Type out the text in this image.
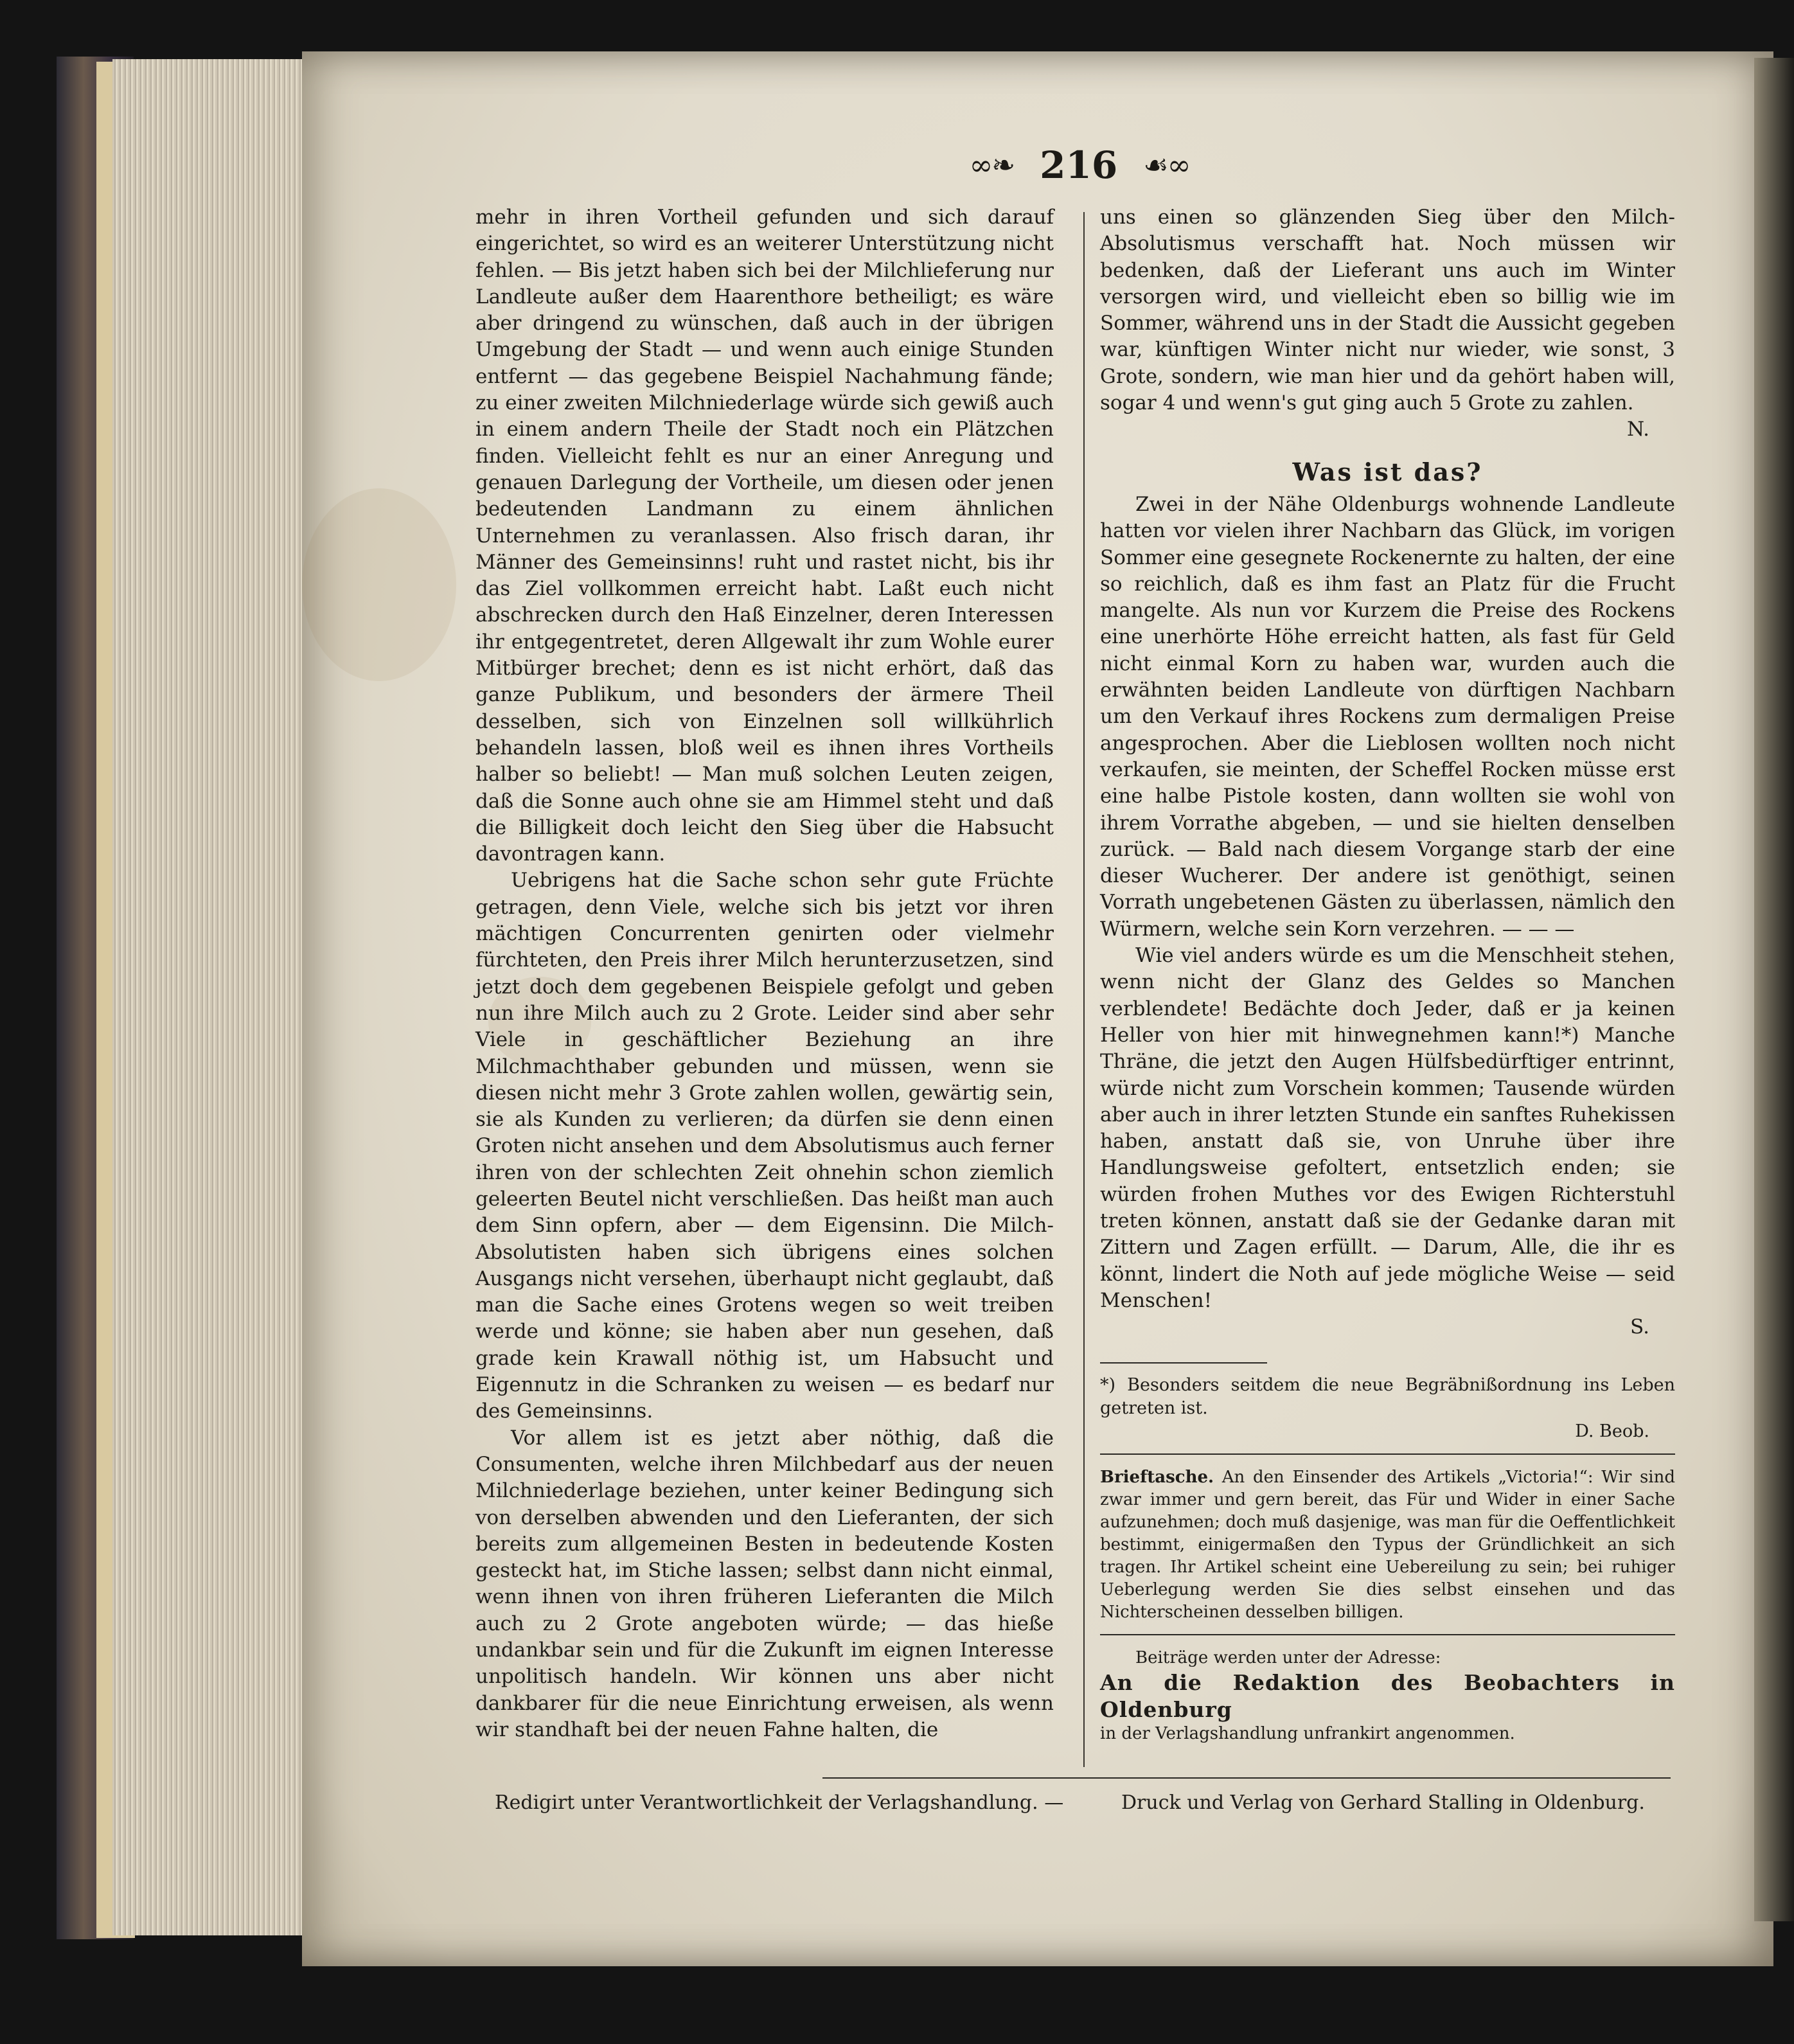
∞❧ 216 ☙∞

mehr in ihren Vortheil gefunden und sich darauf eingerichtet, so wird es an weiterer Unterstützung nicht fehlen. — Bis jetzt haben sich bei der Milchlieferung nur Landleute außer dem Haarenthore betheiligt; es wäre aber dringend zu wünschen, daß auch in der übrigen Umgebung der Stadt — und wenn auch einige Stunden entfernt — das gegebene Beispiel Nachahmung fände; zu einer zweiten Milchniederlage würde sich gewiß auch in einem andern Theile der Stadt noch ein Plätzchen finden. Vielleicht fehlt es nur an einer Anregung und genauen Darlegung der Vortheile, um diesen oder jenen bedeutenden Landmann zu einem ähnlichen Unternehmen zu veranlassen. Also frisch daran, ihr Männer des Gemeinsinns! ruht und rastet nicht, bis ihr das Ziel vollkommen erreicht habt. Laßt euch nicht abschrecken durch den Haß Einzelner, deren Interessen ihr entgegentretet, deren Allgewalt ihr zum Wohle eurer Mitbürger brechet; denn es ist nicht erhört, daß das ganze Publikum, und besonders der ärmere Theil desselben, sich von Einzelnen soll willkührlich behandeln lassen, bloß weil es ihnen ihres Vortheils halber so beliebt! — Man muß solchen Leuten zeigen, daß die Sonne auch ohne sie am Himmel steht und daß die Billigkeit doch leicht den Sieg über die Habsucht davontragen kann.

Uebrigens hat die Sache schon sehr gute Früchte getragen, denn Viele, welche sich bis jetzt vor ihren mächtigen Concurrenten genirten oder vielmehr fürchteten, den Preis ihrer Milch herunterzusetzen, sind jetzt doch dem gegebenen Beispiele gefolgt und geben nun ihre Milch auch zu 2 Grote. Leider sind aber sehr Viele in geschäftlicher Beziehung an ihre Milchmachthaber gebunden und müssen, wenn sie diesen nicht mehr 3 Grote zahlen wollen, gewärtig sein, sie als Kunden zu verlieren; da dürfen sie denn einen Groten nicht ansehen und dem Absolutismus auch ferner ihren von der schlechten Zeit ohnehin schon ziemlich geleerten Beutel nicht verschließen. Das heißt man auch dem Sinn opfern, aber — dem Eigensinn. Die Milch-Absolutisten haben sich übrigens eines solchen Ausgangs nicht versehen, überhaupt nicht geglaubt, daß man die Sache eines Grotens wegen so weit treiben werde und könne; sie haben aber nun gesehen, daß grade kein Krawall nöthig ist, um Habsucht und Eigennutz in die Schranken zu weisen — es bedarf nur des Gemeinsinns.

Vor allem ist es jetzt aber nöthig, daß die Consumenten, welche ihren Milchbedarf aus der neuen Milchniederlage beziehen, unter keiner Bedingung sich von derselben abwenden und den Lieferanten, der sich bereits zum allgemeinen Besten in bedeutende Kosten gesteckt hat, im Stiche lassen; selbst dann nicht einmal, wenn ihnen von ihren früheren Lieferanten die Milch auch zu 2 Grote angeboten würde; — das hieße undankbar sein und für die Zukunft im eignen Interesse unpolitisch handeln. Wir können uns aber nicht dankbarer für die neue Einrichtung erweisen, als wenn wir standhaft bei der neuen Fahne halten, die

uns einen so glänzenden Sieg über den Milch-Absolutismus verschafft hat. Noch müssen wir bedenken, daß der Lieferant uns auch im Winter versorgen wird, und vielleicht eben so billig wie im Sommer, während uns in der Stadt die Aussicht gegeben war, künftigen Winter nicht nur wieder, wie sonst, 3 Grote, sondern, wie man hier und da gehört haben will, sogar 4 und wenn's gut ging auch 5 Grote zu zahlen.

N.

Was ist das?

Zwei in der Nähe Oldenburgs wohnende Landleute hatten vor vielen ihrer Nachbarn das Glück, im vorigen Sommer eine gesegnete Rockenernte zu halten, der eine so reichlich, daß es ihm fast an Platz für die Frucht mangelte. Als nun vor Kurzem die Preise des Rockens eine unerhörte Höhe erreicht hatten, als fast für Geld nicht einmal Korn zu haben war, wurden auch die erwähnten beiden Landleute von dürftigen Nachbarn um den Verkauf ihres Rockens zum dermaligen Preise angesprochen. Aber die Lieblosen wollten noch nicht verkaufen, sie meinten, der Scheffel Rocken müsse erst eine halbe Pistole kosten, dann wollten sie wohl von ihrem Vorrathe abgeben, — und sie hielten denselben zurück. — Bald nach diesem Vorgange starb der eine dieser Wucherer. Der andere ist genöthigt, seinen Vorrath ungebetenen Gästen zu überlassen, nämlich den Würmern, welche sein Korn verzehren. — — —

Wie viel anders würde es um die Menschheit stehen, wenn nicht der Glanz des Geldes so Manchen verblendete! Bedächte doch Jeder, daß er ja keinen Heller von hier mit hinwegnehmen kann!*) Manche Thräne, die jetzt den Augen Hülfsbedürftiger entrinnt, würde nicht zum Vorschein kommen; Tausende würden aber auch in ihrer letzten Stunde ein sanftes Ruhekissen haben, anstatt daß sie, von Unruhe über ihre Handlungsweise gefoltert, entsetzlich enden; sie würden frohen Muthes vor des Ewigen Richterstuhl treten können, anstatt daß sie der Gedanke daran mit Zittern und Zagen erfüllt. — Darum, Alle, die ihr es könnt, lindert die Noth auf jede mögliche Weise — seid Menschen!

S.

*) Besonders seitdem die neue Begräbnißordnung ins Leben getreten ist.

D. Beob.

Brieftasche. An den Einsender des Artikels „Victoria!“: Wir sind zwar immer und gern bereit, das Für und Wider in einer Sache aufzunehmen; doch muß dasjenige, was man für die Oeffentlichkeit bestimmt, einigermaßen den Typus der Gründlichkeit an sich tragen. Ihr Artikel scheint eine Uebereilung zu sein; bei ruhiger Ueberlegung werden Sie dies selbst einsehen und das Nichterscheinen desselben billigen.

Beiträge werden unter der Adresse:

An die Redaktion des Beobachters in Oldenburg

in der Verlagshandlung unfrankirt angenommen.

Redigirt unter Verantwortlichkeit der Verlagshandlung. —	Druck und Verlag von Gerhard Stalling in Oldenburg.
